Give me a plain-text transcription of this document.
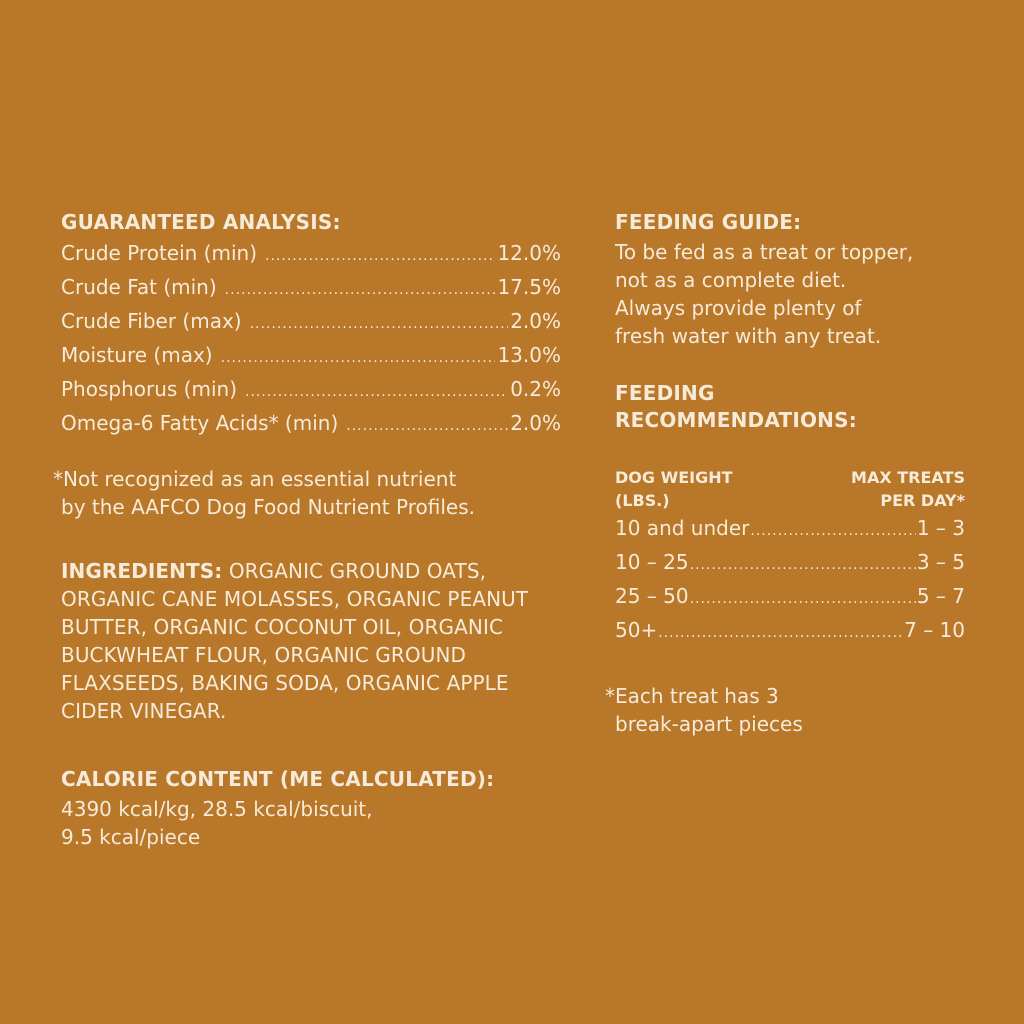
GUARANTEED ANALYSIS:
Crude Protein (min) .....	12.0%
Crude Fat (min) .....	17.5%
Crude Fiber (max) .....	2.0%
Moisture (max) .....	13.0%
Phosphorus (min) .....	0.2%
Omega-6 Fatty Acids* (min) .....	2.0%
*Not recognized as an essential nutrient
by the AAFCO Dog Food Nutrient Profiles.
INGREDIENTS: ORGANIC GROUND OATS, ORGANIC CANE MOLASSES, ORGANIC PEANUT BUTTER, ORGANIC COCONUT OIL, ORGANIC BUCKWHEAT FLOUR, ORGANIC GROUND FLAXSEEDS, BAKING SODA, ORGANIC APPLE CIDER VINEGAR.
CALORIE CONTENT (ME CALCULATED):
4390 kcal/kg, 28.5 kcal/biscuit,
9.5 kcal/piece
FEEDING GUIDE:
To be fed as a treat or topper,
not as a complete diet.
Always provide plenty of
fresh water with any treat.
FEEDING
RECOMMENDATIONS:
DOG WEIGHT
(LBS.)
MAX TREATS
PER DAY*
10 and under .....	1 – 3
10 – 25 .....	3 – 5
25 – 50 .....	5 – 7
50+ .....	7 – 10
*Each treat has 3
break-apart pieces
